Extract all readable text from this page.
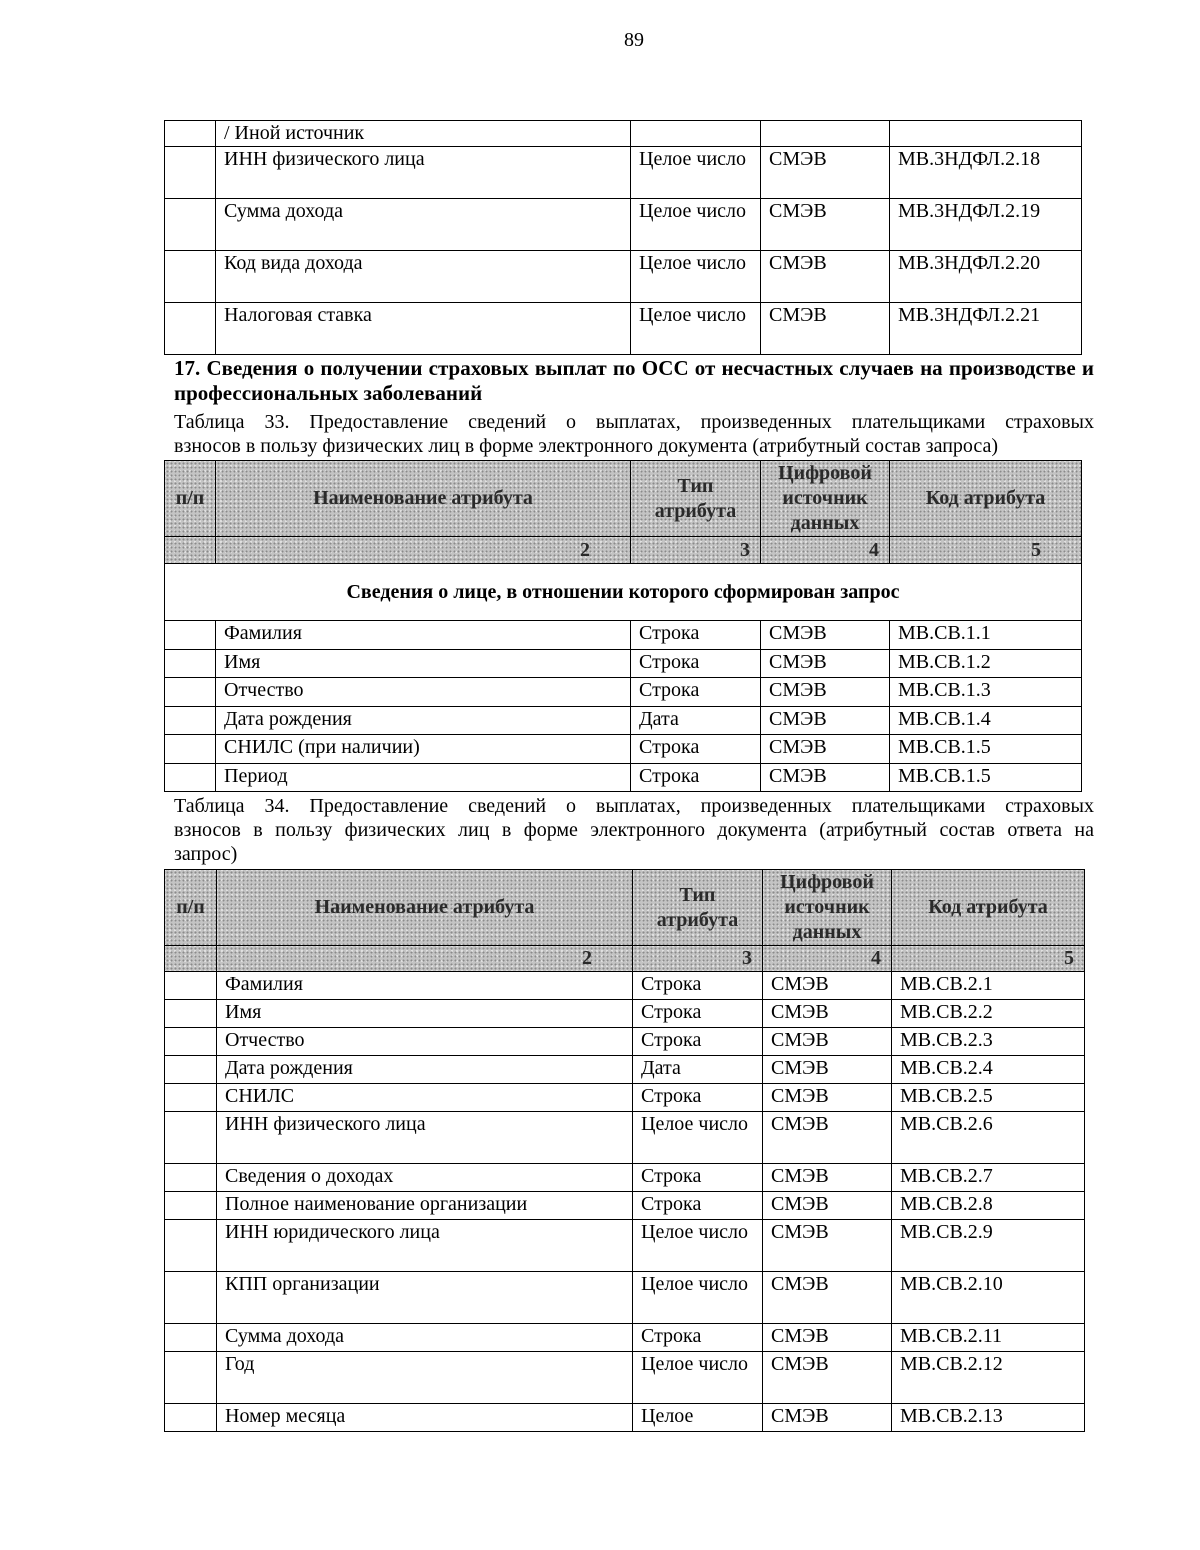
89
	/ Иной источник			
	ИНН физического лица	Целое число	СМЭВ	МВ.3НДФЛ.2.18
	Сумма дохода	Целое число	СМЭВ	МВ.3НДФЛ.2.19
	Код вида дохода	Целое число	СМЭВ	МВ.3НДФЛ.2.20
	Налоговая ставка	Целое число	СМЭВ	МВ.3НДФЛ.2.21
17. Сведения о получении страховых выплат по ОСС от несчастных случаев на производстве и профессиональных заболеваний
Таблица 33. Предоставление сведений о выплатах, произведенных плательщиками страховых
взносов в пользу физических лиц в форме электронного документа (атрибутный состав запроса)
п/п	Наименование атрибута	Тип атрибута	Цифровой источник данных	Код атрибута
	2	3	4	5
Сведения о лице, в отношении которого сформирован запрос				
	Фамилия	Строка	СМЭВ	МВ.СВ.1.1
	Имя	Строка	СМЭВ	МВ.СВ.1.2
	Отчество	Строка	СМЭВ	МВ.СВ.1.3
	Дата рождения	Дата	СМЭВ	МВ.СВ.1.4
	СНИЛС (при наличии)	Строка	СМЭВ	МВ.СВ.1.5
	Период	Строка	СМЭВ	МВ.СВ.1.5
Таблица 34. Предоставление сведений о выплатах, произведенных плательщиками страховых
взносов в пользу физических лиц в форме электронного документа (атрибутный состав ответа на
запрос)
п/п	Наименование атрибута	Тип атрибута	Цифровой источник данных	Код атрибута
	2	3	4	5
	Фамилия	Строка	СМЭВ	МВ.СВ.2.1
	Имя	Строка	СМЭВ	МВ.СВ.2.2
	Отчество	Строка	СМЭВ	МВ.СВ.2.3
	Дата рождения	Дата	СМЭВ	МВ.СВ.2.4
	СНИЛС	Строка	СМЭВ	МВ.СВ.2.5
	ИНН физического лица	Целое число	СМЭВ	МВ.СВ.2.6
	Сведения о доходах	Строка	СМЭВ	МВ.СВ.2.7
	Полное наименование организации	Строка	СМЭВ	МВ.СВ.2.8
	ИНН юридического лица	Целое число	СМЭВ	МВ.СВ.2.9
	КПП организации	Целое число	СМЭВ	МВ.СВ.2.10
	Сумма дохода	Строка	СМЭВ	МВ.СВ.2.11
	Год	Целое число	СМЭВ	МВ.СВ.2.12
	Номер месяца	Целое	СМЭВ	МВ.СВ.2.13
